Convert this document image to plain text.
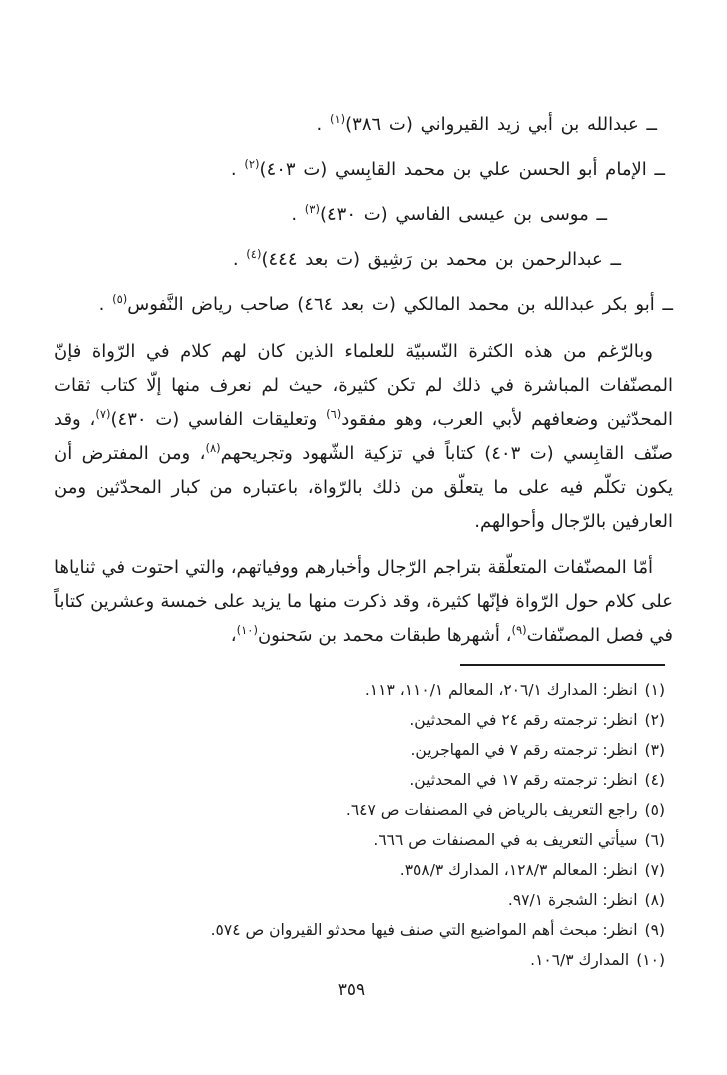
ــ عبدالله بن أبي زيد القيرواني (ت ٣٨٦)$^{(١)}$ .
ــ الإمام أبو الحسن علي بن محمد القابِسي (ت ٤٠٣)$^{(٢)}$ .
ــ موسى بن عيسى الفاسي (ت ٤٣٠)$^{(٣)}$ .
ــ عبدالرحمن بن محمد بن رَشِيق (ت بعد ٤٤٤)$^{(٤)}$ .
ــ أبو بكر عبدالله بن محمد المالكي (ت بعد ٤٦٤) صاحب رياض النَّفوس$^{(٥)}$ .

وبالرّغم من هذه الكثرة النّسبيّة للعلماء الذين كان لهم كلام في الرّواة فإنّ المصنّفات المباشرة في ذلك لم تكن كثيرة، حيث لم نعرف منها إلّا كتاب ثقات المحدّثين وضعافهم لأبي العرب، وهو مفقود$^{(٦)}$ وتعليقات الفاسي (ت ٤٣٠)$^{(٧)}$، وقد صنّف القابِسي (ت ٤٠٣) كتاباً في تزكية الشّهود وتجريحهم$^{(٨)}$، ومن المفترض أن يكون تكلّم فيه على ما يتعلّق من ذلك بالرّواة، باعتباره من كبار المحدّثين ومن العارفين بالرّجال وأحوالهم.

أمّا المصنّفات المتعلّقة بتراجم الرّجال وأخبارهم ووفياتهم، والتي احتوت في ثناياها على كلام حول الرّواة فإنّها كثيرة، وقد ذكرت منها ما يزيد على خمسة وعشرين كتاباً في فصل المصنّفات$^{(٩)}$، أشهرها طبقات محمد بن سَحنون$^{(١٠)}$،

(١)انظر: المدارك ٢٠٦/١، المعالم ١١٠/١، ١١٣.
(٢)انظر: ترجمته رقم ٢٤ في المحدثين.
(٣)انظر: ترجمته رقم ٧ في المهاجرين.
(٤)انظر: ترجمته رقم ١٧ في المحدثين.
(٥)راجع التعريف بالرياض في المصنفات ص ٦٤٧.
(٦)سيأتي التعريف به في المصنفات ص ٦٦٦.
(٧)انظر: المعالم ١٢٨/٣، المدارك ٣٥٨/٣.
(٨)انظر: الشجرة ٩٧/١.
(٩)انظر: مبحث أهم المواضيع التي صنف فيها محدثو القيروان ص ٥٧٤.
(١٠)المدارك ١٠٦/٣.
٣٥٩
